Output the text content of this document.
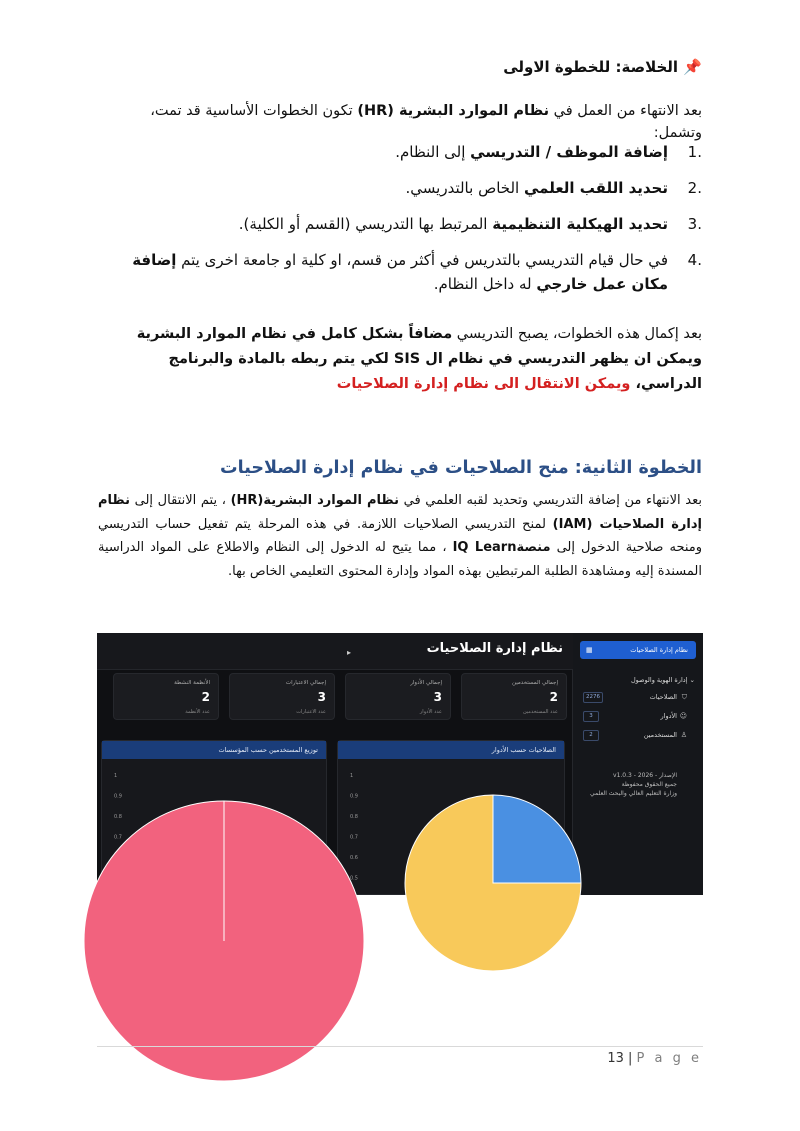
📌 الخلاصة: للخطوة الاولى
بعد الانتهاء من العمل في نظام الموارد البشرية (HR) تكون الخطوات الأساسية قد تمت، وتشمل:
.1
إضافة الموظف / التدريسي إلى النظام.
.2
تحديد اللقب العلمي الخاص بالتدريسي.
.3
تحديد الهيكلية التنظيمية المرتبط بها التدريسي (القسم أو الكلية).
.4
في حال قيام التدريسي بالتدريس في أكثر من قسم، او كلية او جامعة اخرى يتم إضافة مكان عمل خارجي له داخل النظام.
بعد إكمال هذه الخطوات، يصبح التدريسي مضافاً بشكل كامل في نظام الموارد البشرية ويمكن ان يظهر التدريسي في نظام ال SIS لكي يتم ربطه بالمادة والبرنامج الدراسي، ويمكن الانتقال الى نظام إدارة الصلاحيات
الخطوة الثانية: منح الصلاحيات في نظام إدارة الصلاحيات
بعد الانتهاء من إضافة التدريسي وتحديد لقبه العلمي في نظام الموارد البشرية(HR) ، يتم الانتقال إلى نظام إدارة الصلاحيات (IAM) لمنح التدريسي الصلاحيات اللازمة. في هذه المرحلة يتم تفعيل حساب التدريسي ومنحه صلاحية الدخول إلى منصةIQ Learn ، مما يتيح له الدخول إلى النظام والاطلاع على المواد الدراسية المسندة إليه ومشاهدة الطلبة المرتبطين بهذه المواد وإدارة المحتوى التعليمي الخاص بها.
نظام إدارة الصلاحيات
▦
⌄ إدارة الهوية والوصول
⛉الصلاحيات
2276
☺الأدوار
3
♙المستخدمين
2
الإصدار - v1.0.3 - 2026
جميع الحقوق محفوظة
وزارة التعليم العالي والبحث العلمي
▸	نظام إدارة الصلاحيات
إجمالي المستخدمين
2
عدد المستخدمين
إجمالي الأدوار
3
عدد الأدوار
إجمالي الاعتبارات
3
عدد الاعتبارات
الأنظمة النشطة
2
عدد الأنظمة
الصلاحيات حسب الأدوار
1
0.9
0.8
0.7
0.6
0.5
توزيع المستخدمين حسب المؤسسات
1
0.9
0.8
0.7
13 | P a g e
